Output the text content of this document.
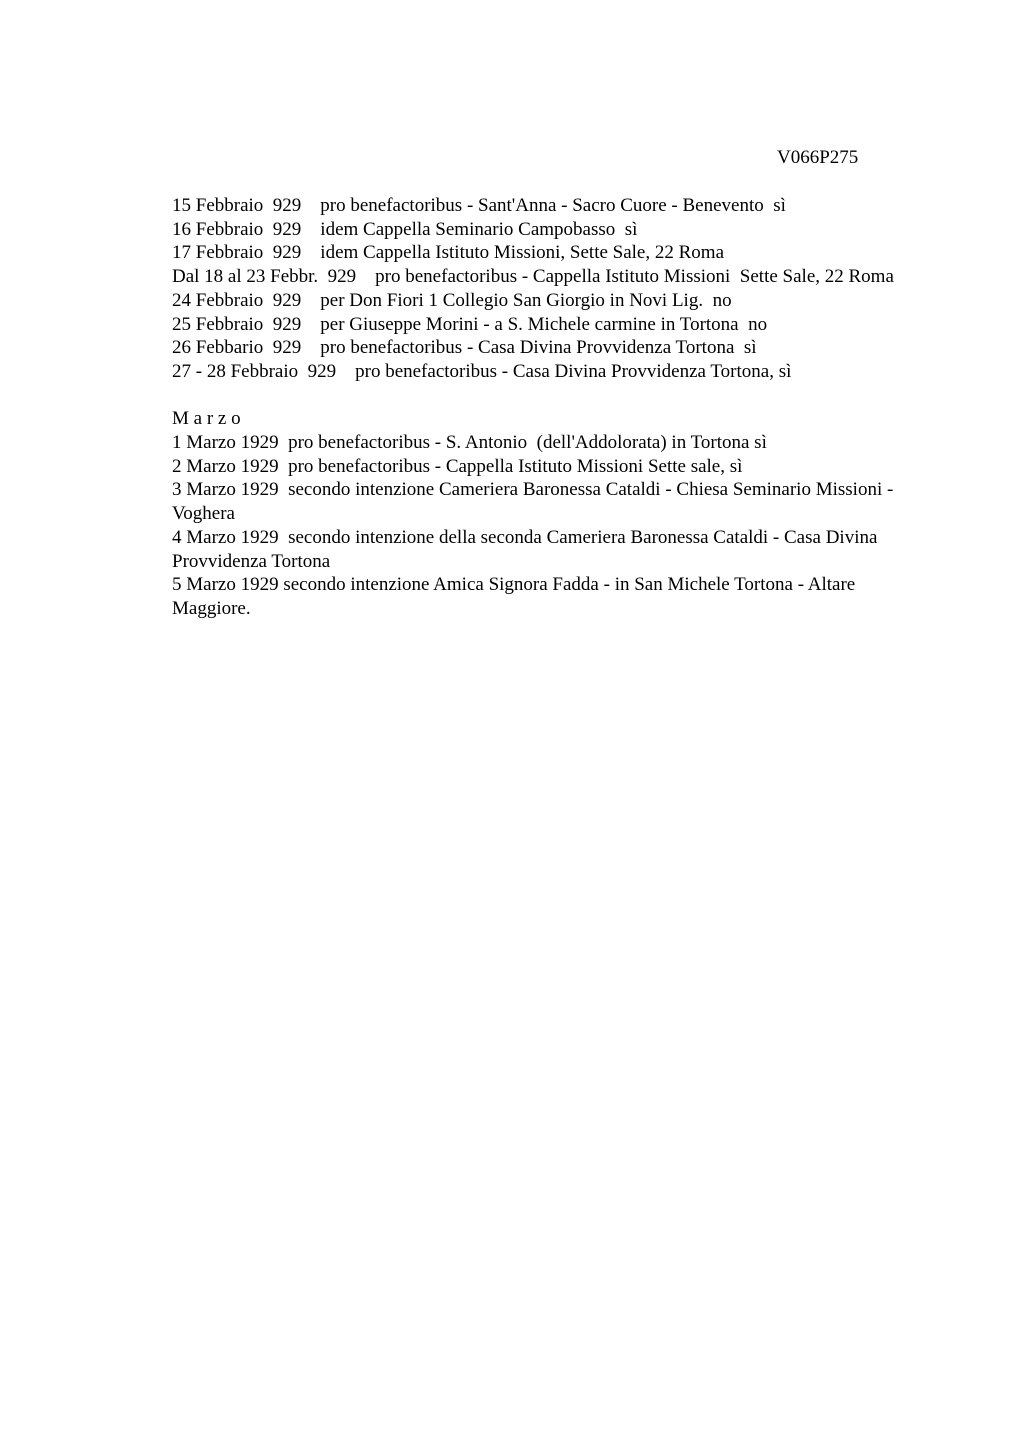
V066P275

15 Febbraio  929    pro benefactoribus - Sant'Anna - Sacro Cuore - Benevento  sì

16 Febbraio  929    idem Cappella Seminario Campobasso  sì

17 Febbraio  929    idem Cappella Istituto Missioni, Sette Sale, 22 Roma

Dal 18 al 23 Febbr.  929    pro benefactoribus - Cappella Istituto Missioni  Sette Sale, 22 Roma

24 Febbraio  929    per Don Fiori 1 Collegio San Giorgio in Novi Lig.  no

25 Febbraio  929    per Giuseppe Morini - a S. Michele carmine in Tortona  no

26 Febbario  929    pro benefactoribus - Casa Divina Provvidenza Tortona  sì

27 - 28 Febbraio  929    pro benefactoribus - Casa Divina Provvidenza Tortona, sì

M a r z o

1 Marzo 1929  pro benefactoribus - S. Antonio  (dell'Addolorata) in Tortona sì

2 Marzo 1929  pro benefactoribus - Cappella Istituto Missioni Sette sale, sì

3 Marzo 1929  secondo intenzione Cameriera Baronessa Cataldi - Chiesa Seminario Missioni - Voghera

4 Marzo 1929  secondo intenzione della seconda Cameriera Baronessa Cataldi - Casa Divina Provvidenza Tortona

5 Marzo 1929 secondo intenzione Amica Signora Fadda - in San Michele Tortona - Altare Maggiore.
